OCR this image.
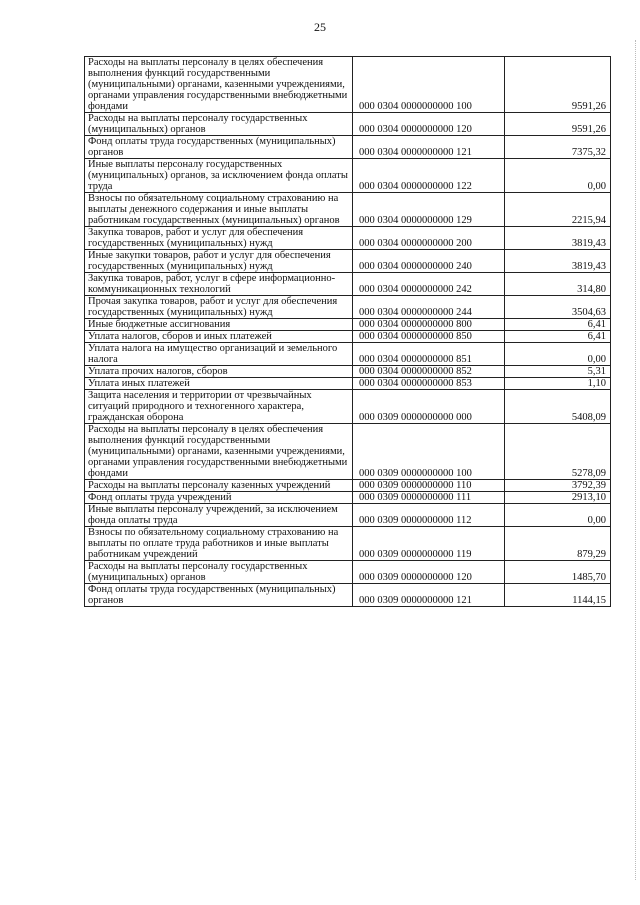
25
Расходы на выплаты персоналу в целях обеспечения выполнения функций государственными (муниципальными) органами, казенными учреждениями, органами управления государственными внебюджетными фондами	000 0304 0000000000 100	9591,26
Расходы на выплаты персоналу государственных (муниципальных) органов	000 0304 0000000000 120	9591,26
Фонд оплаты труда государственных (муниципальных) органов	000 0304 0000000000 121	7375,32
Иные выплаты персоналу государственных (муниципальных) органов, за исключением фонда оплаты труда	000 0304 0000000000 122	0,00
Взносы по обязательному социальному страхованию на выплаты денежного содержания и иные выплаты работникам государственных (муниципальных) органов	000 0304 0000000000 129	2215,94
Закупка товаров, работ и услуг для обеспечения государственных (муниципальных) нужд	000 0304 0000000000 200	3819,43
Иные закупки товаров, работ и услуг для обеспечения государственных (муниципальных) нужд	000 0304 0000000000 240	3819,43
Закупка товаров, работ, услуг в сфере информационно-коммуникационных технологий	000 0304 0000000000 242	314,80
Прочая закупка товаров, работ и услуг для обеспечения государственных (муниципальных) нужд	000 0304 0000000000 244	3504,63
Иные бюджетные ассигнования	000 0304 0000000000 800	6,41
Уплата налогов, сборов и иных платежей	000 0304 0000000000 850	6,41
Уплата налога на имущество организаций и земельного налога	000 0304 0000000000 851	0,00
Уплата прочих налогов, сборов	000 0304 0000000000 852	5,31
Уплата иных платежей	000 0304 0000000000 853	1,10
Защита населения и территории от чрезвычайных ситуаций природного и техногенного характера, гражданская оборона	000 0309 0000000000 000	5408,09
Расходы на выплаты персоналу в целях обеспечения выполнения функций государственными (муниципальными) органами, казенными учреждениями, органами управления государственными внебюджетными фондами	000 0309 0000000000 100	5278,09
Расходы на выплаты персоналу казенных учреждений	000 0309 0000000000 110	3792,39
Фонд оплаты труда учреждений	000 0309 0000000000 111	2913,10
Иные выплаты персоналу учреждений, за исключением фонда оплаты труда	000 0309 0000000000 112	0,00
Взносы по обязательному социальному страхованию на выплаты по оплате труда работников и иные выплаты работникам учреждений	000 0309 0000000000 119	879,29
Расходы на выплаты персоналу государственных (муниципальных) органов	000 0309 0000000000 120	1485,70
Фонд оплаты труда государственных (муниципальных) органов	000 0309 0000000000 121	1144,15
